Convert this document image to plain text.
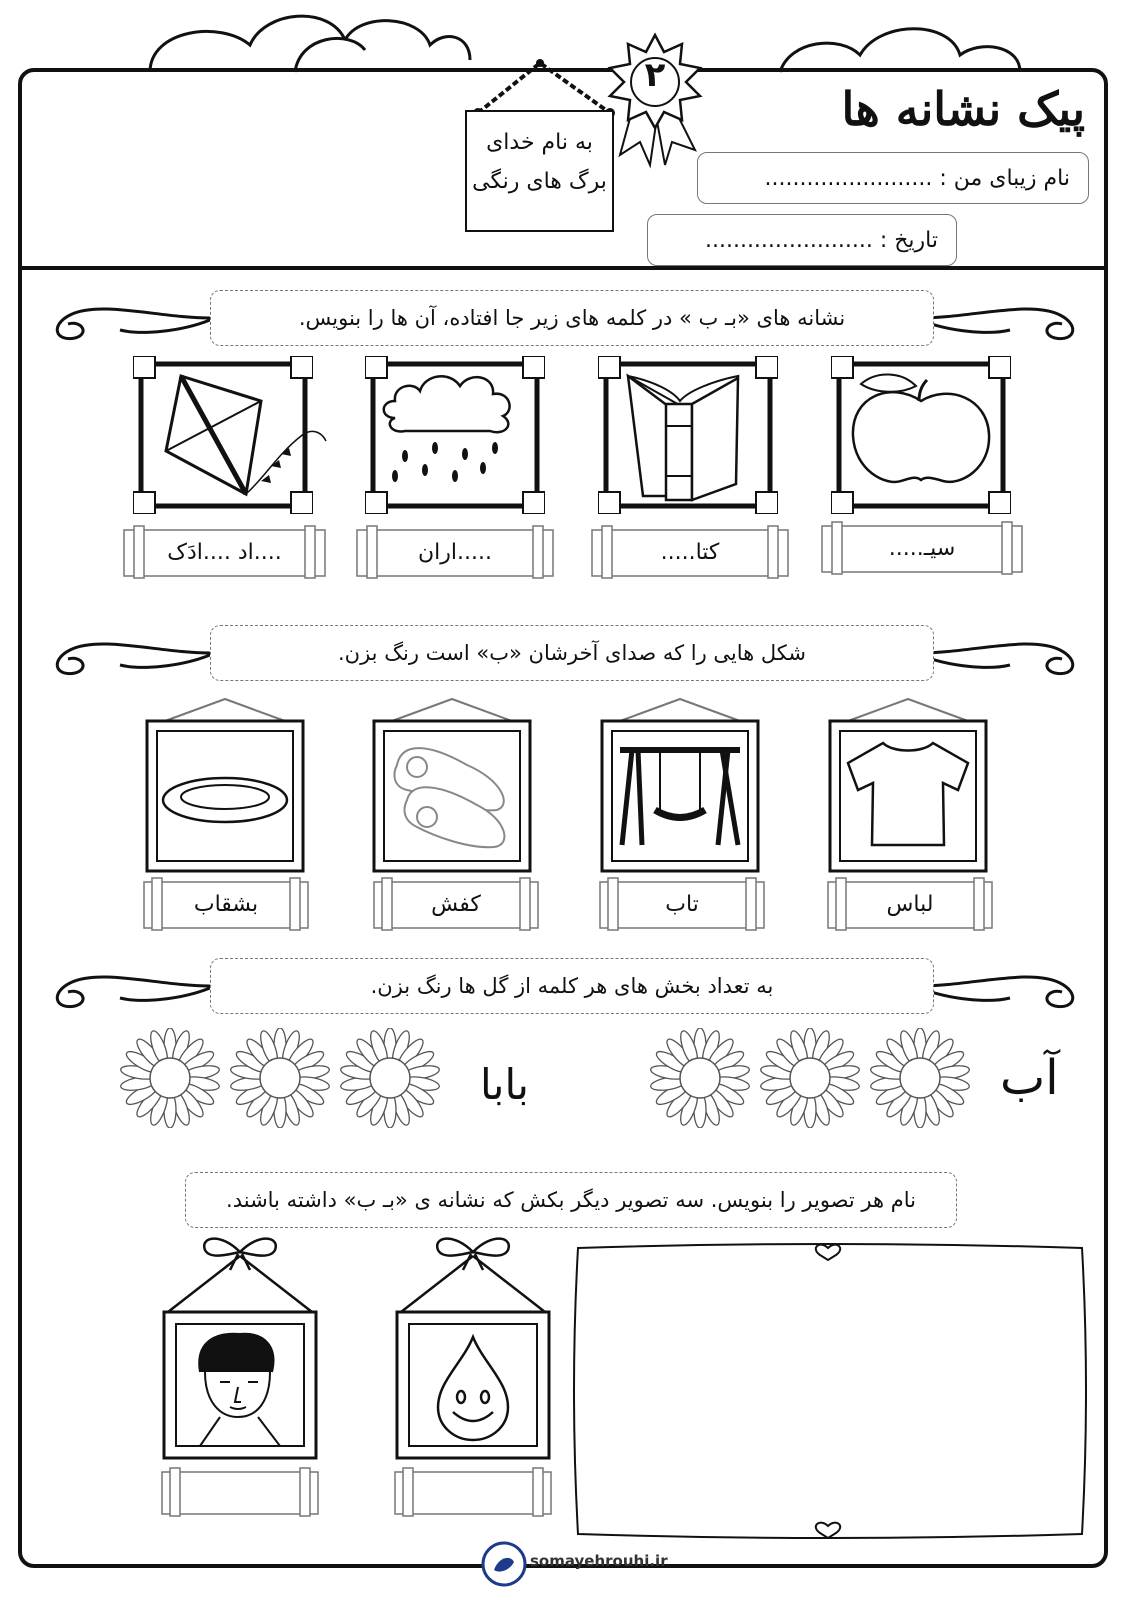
پیک نشانه ها
۲
به نام خدای
برگ های رنگی	نام زیبای من : ........................
تاریخ : ........................
نشانه های «بـ ب » در کلمه های زیر جا افتاده، آن ها را بنویس.
....اد ....ادَک	.....اران	کتا.....	سیـ.....
شکل هایی را که صدای آخرشان «ب» است رنگ بزن.
بشقاب	کفش	تاب	لباس
به تعداد بخش های هر کلمه از گل ها رنگ بزن.
آب
بابا
نام هر تصویر را بنویس. سه تصویر دیگر بکش که نشانه ی «بـ ب» داشته باشند.
somayehrouhi.ir
